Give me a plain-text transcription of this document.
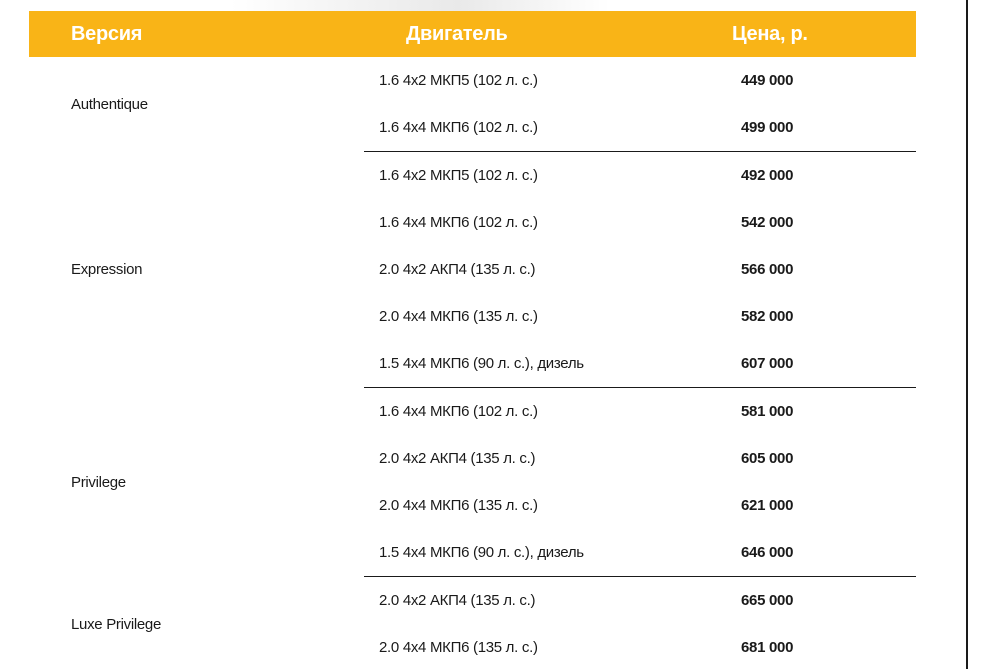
Версия	Двигатель	Цена, р.
Authentique	1.6 4x2 МКП5 (102 л. с.)	449 000
	1.6 4x4 МКП6 (102 л. с.)	499 000
Expression	1.6 4x2 МКП5 (102 л. с.)	492 000
	1.6 4x4 МКП6 (102 л. с.)	542 000
	2.0 4x2 АКП4 (135 л. с.)	566 000
	2.0 4x4 МКП6 (135 л. с.)	582 000
	1.5 4x4 МКП6 (90 л. с.), дизель	607 000
Privilege	1.6 4x4 МКП6 (102 л. с.)	581 000
	2.0 4x2 АКП4 (135 л. с.)	605 000
	2.0 4x4 МКП6 (135 л. с.)	621 000
	1.5 4x4 МКП6 (90 л. с.), дизель	646 000
Luxe Privilege	2.0 4x2 АКП4 (135 л. с.)	665 000
	2.0 4x4 МКП6 (135 л. с.)	681 000
